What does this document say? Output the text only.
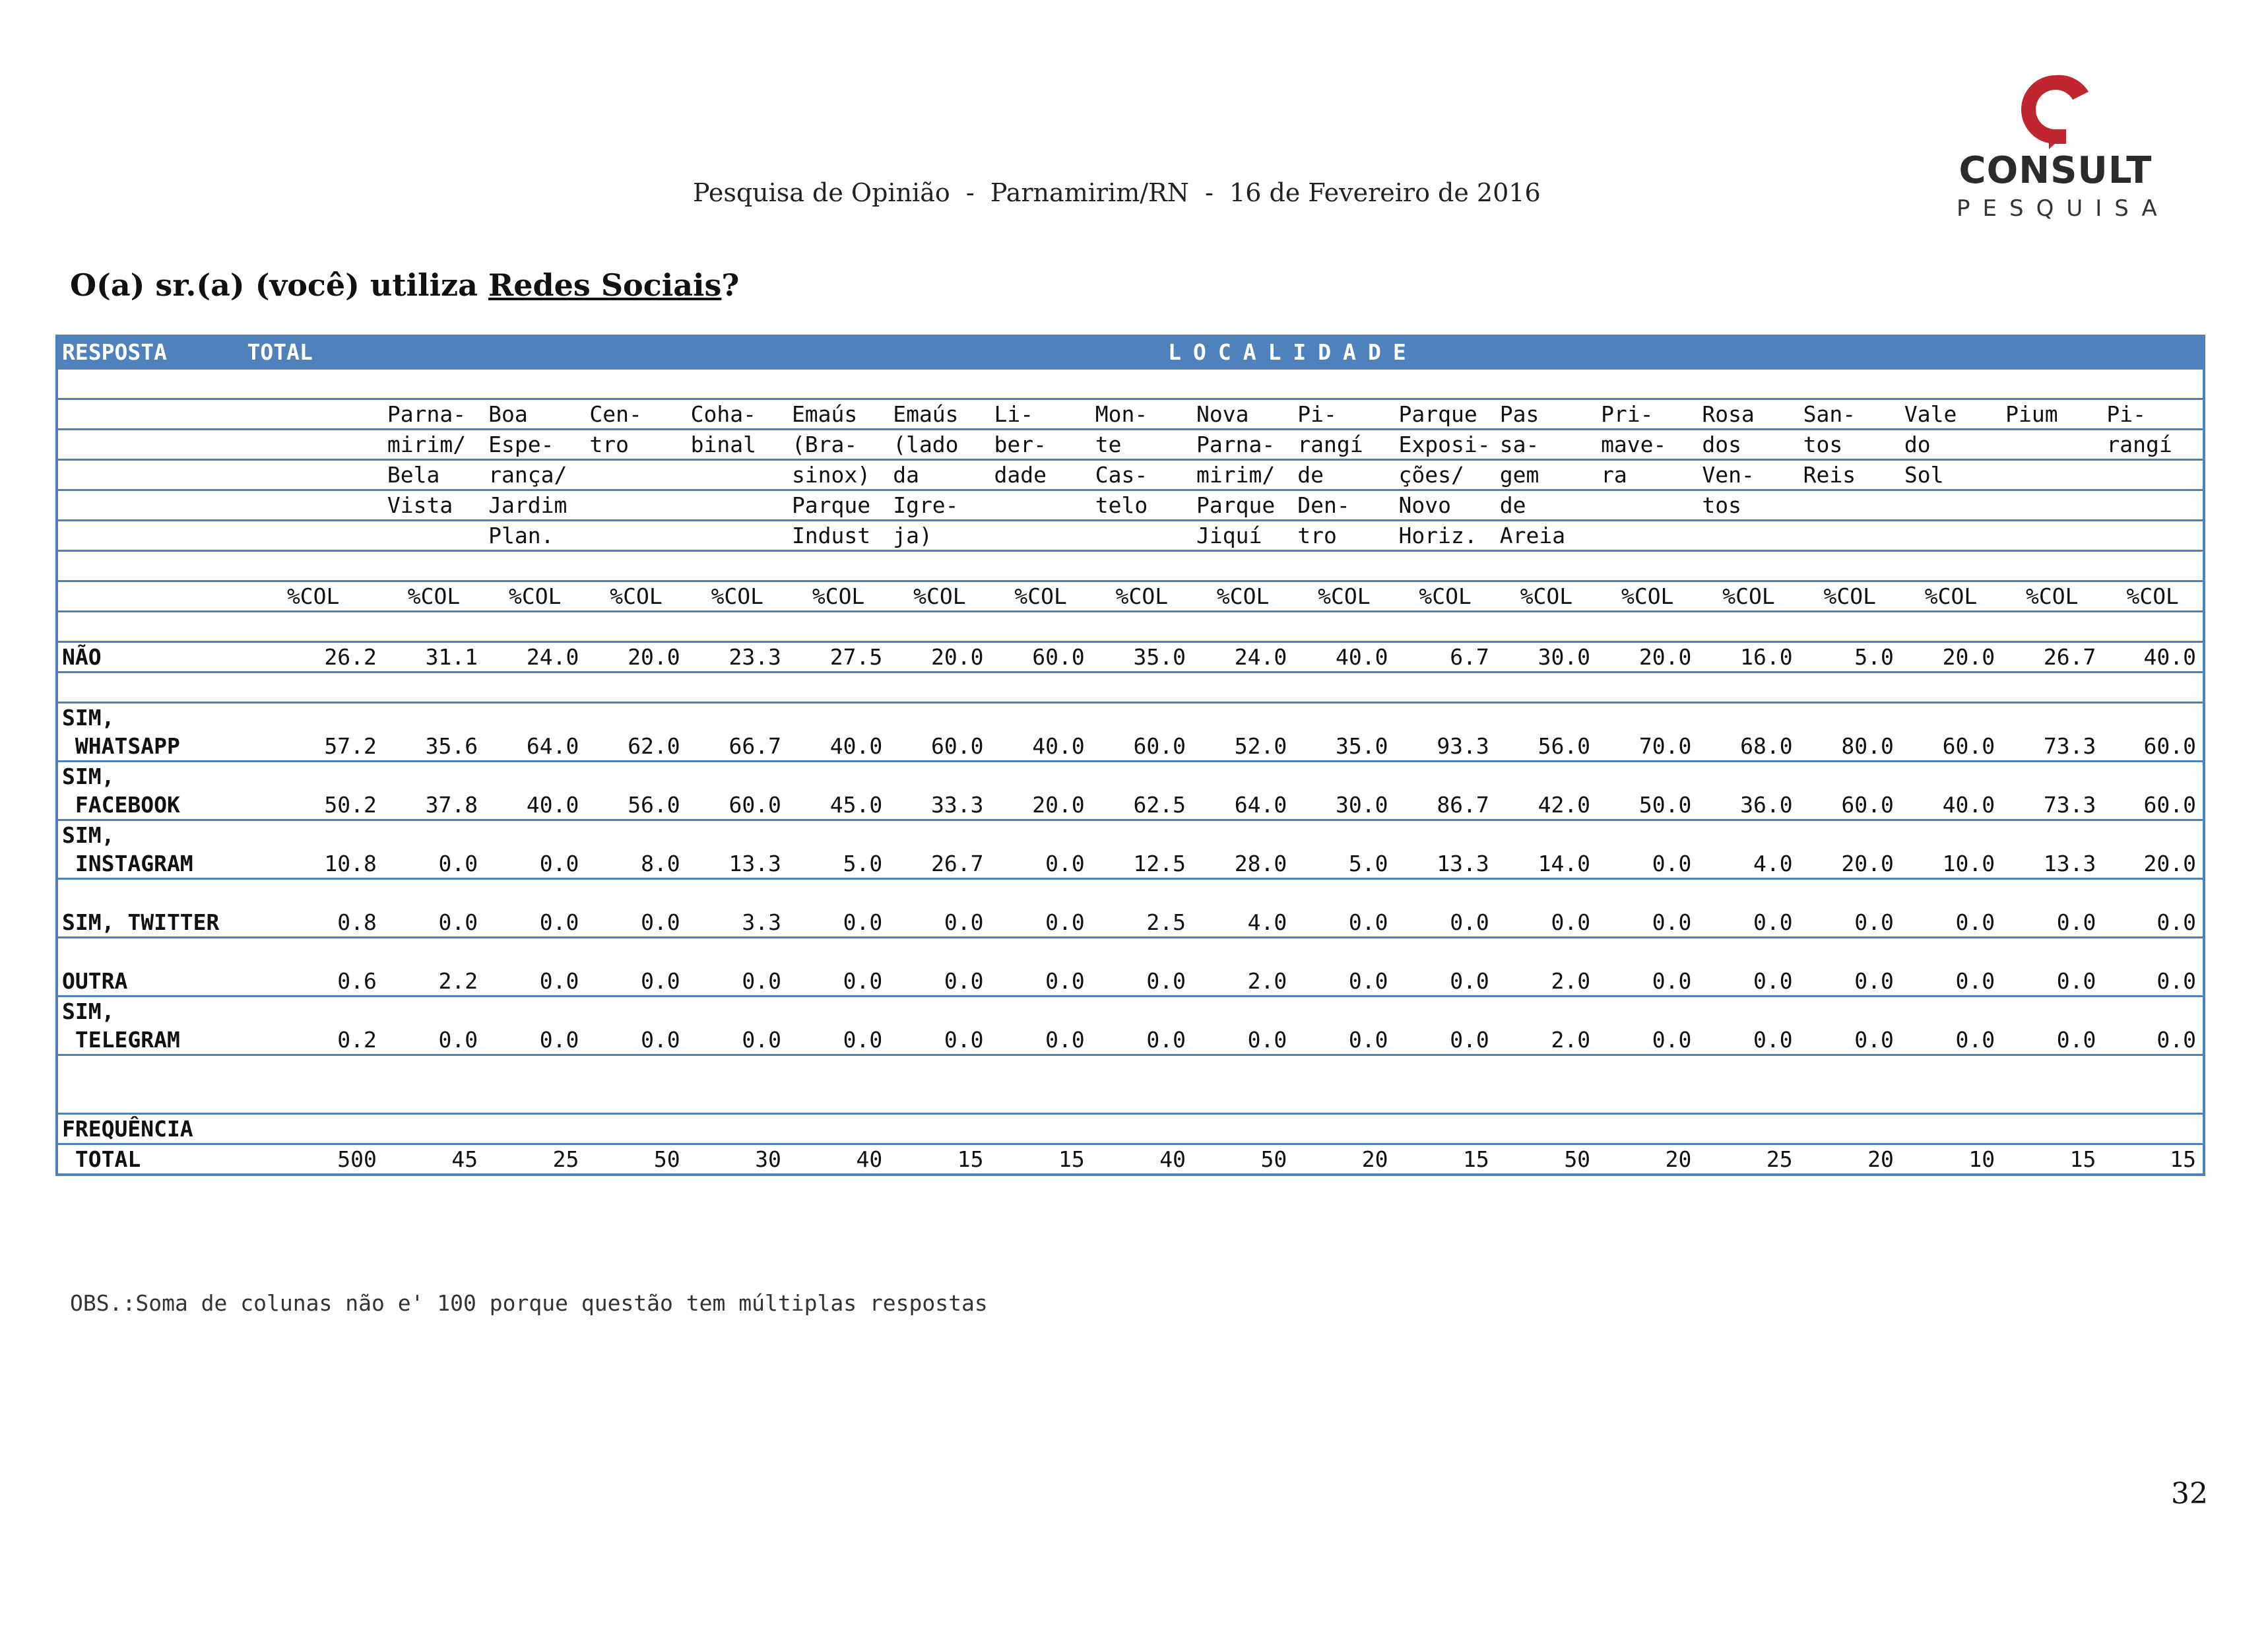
Pesquisa de Opinião  -  Parnamirim/RN  -  16 de Fevereiro de 2016
CONSULT
PESQUISA
O(a) sr.(a) (você) utiliza Redes Sociais?
RESPOSTA	TOTAL	LOCALIDADE																	

		Parna-	Boa	Cen-	Coha-	Emaús	Emaús	Li-	Mon-	Nova	Pi-	Parque	Pas	Pri-	Rosa	San-	Vale	Pium	Pi-
		mirim/	Espe-	tro	binal	(Bra-	(lado	ber-	te	Parna-	rangí	Exposi-	sa-	mave-	dos	tos	do		rangí
		Bela	rança/			sinox)	da	dade	Cas-	mirim/	de	ções/	gem	ra	Ven-	Reis	Sol		
		Vista	Jardim			Parque	Igre-		telo	Parque	Den-	Novo	de		tos				
			Plan.			Indust	ja)			Jiquí	tro	Horiz.	Areia						

	%COL	%COL	%COL	%COL	%COL	%COL	%COL	%COL	%COL	%COL	%COL	%COL	%COL	%COL	%COL	%COL	%COL	%COL	%COL

NÃO	26.2	31.1	24.0	20.0	23.3	27.5	20.0	60.0	35.0	24.0	40.0	6.7	30.0	20.0	16.0	5.0	20.0	26.7	40.0

SIM,																			
WHATSAPP	57.2	35.6	64.0	62.0	66.7	40.0	60.0	40.0	60.0	52.0	35.0	93.3	56.0	70.0	68.0	80.0	60.0	73.3	60.0
SIM,																			
FACEBOOK	50.2	37.8	40.0	56.0	60.0	45.0	33.3	20.0	62.5	64.0	30.0	86.7	42.0	50.0	36.0	60.0	40.0	73.3	60.0
SIM,																			
INSTAGRAM	10.8	0.0	0.0	8.0	13.3	5.0	26.7	0.0	12.5	28.0	5.0	13.3	14.0	0.0	4.0	20.0	10.0	13.3	20.0

SIM, TWITTER	0.8	0.0	0.0	0.0	3.3	0.0	0.0	0.0	2.5	4.0	0.0	0.0	0.0	0.0	0.0	0.0	0.0	0.0	0.0

OUTRA	0.6	2.2	0.0	0.0	0.0	0.0	0.0	0.0	0.0	2.0	0.0	0.0	2.0	0.0	0.0	0.0	0.0	0.0	0.0
SIM,																			
TELEGRAM	0.2	0.0	0.0	0.0	0.0	0.0	0.0	0.0	0.0	0.0	0.0	0.0	2.0	0.0	0.0	0.0	0.0	0.0	0.0

FREQUÊNCIA																			
TOTAL	500	45	25	50	30	40	15	15	40	50	20	15	50	20	25	20	10	15	15
OBS.:Soma de colunas não e' 100 porque questão tem múltiplas respostas
32
